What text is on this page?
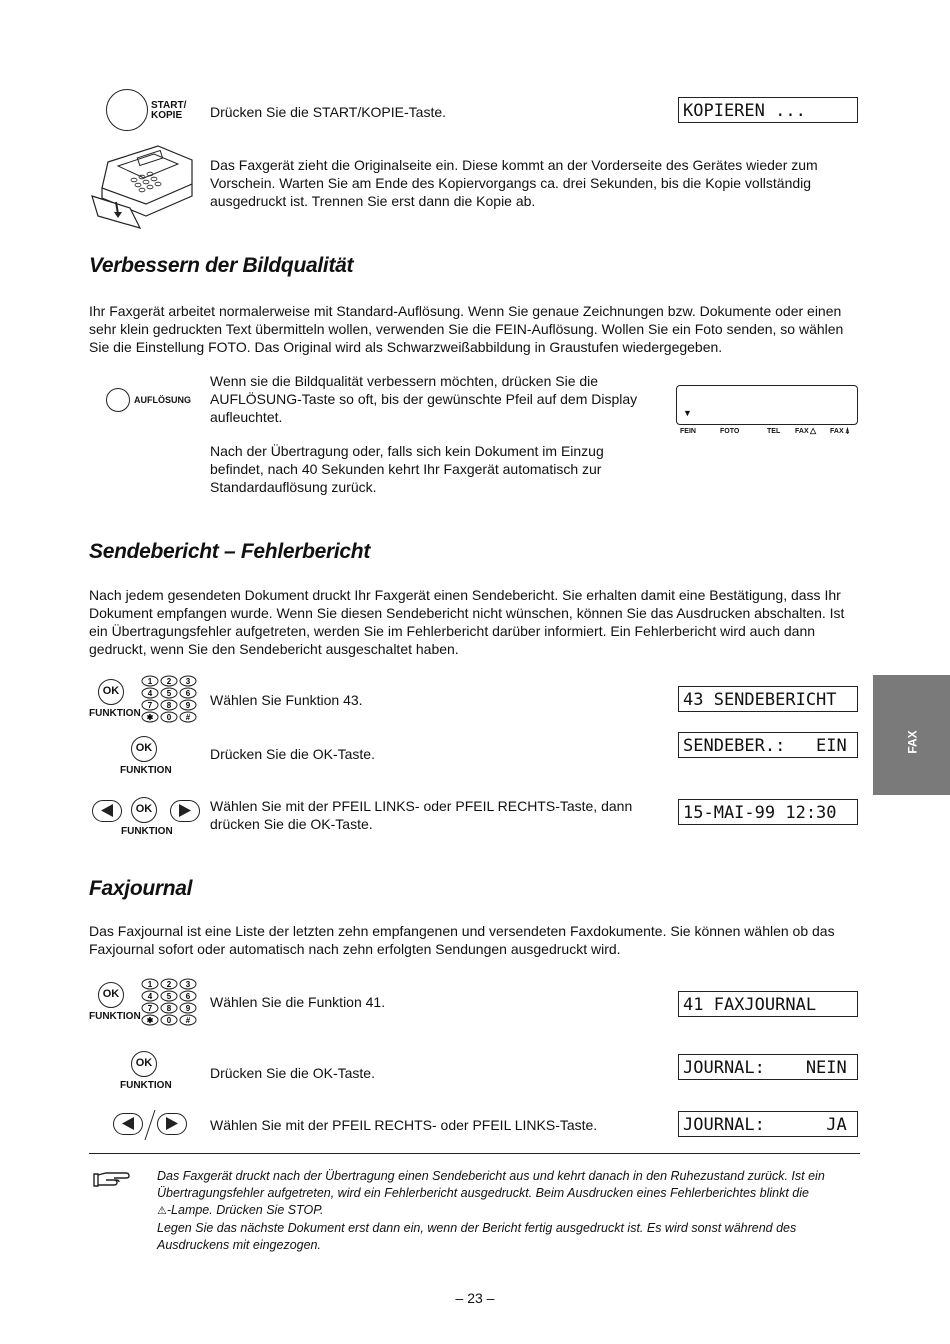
START/
KOPIE	Drücken Sie die START/KOPIE-Taste.	KOPIEREN ...
Das Faxgerät zieht die Originalseite ein. Diese kommt an der Vorderseite des Gerätes wieder zum Vorschein. Warten Sie am Ende des Kopiervorgangs ca. drei Sekunden, bis die Kopie vollständig ausgedruckt ist. Trennen Sie erst dann die Kopie ab.
Verbessern der Bildqualität
Ihr Faxgerät arbeitet normalerweise mit Standard-Auflösung. Wenn Sie genaue Zeichnungen bzw. Dokumente oder einen sehr klein gedruckten Text übermitteln wollen, verwenden Sie die FEIN-Auflösung. Wollen Sie ein Foto senden, so wählen Sie die Einstellung FOTO. Das Original wird als Schwarzweißabbildung in Graustufen wiedergegeben.
AUFLÖSUNG
Wenn sie die Bildqualität verbessern möchten, drücken Sie die AUFLÖSUNG-Taste so oft, bis der gewünschte Pfeil auf dem Display aufleuchtet.
Nach der Übertragung oder, falls sich kein Dokument im Einzug befindet, nach 40 Sekunden kehrt Ihr Faxgerät automatisch zur Standardauflösung zurück.
▼
FEIN	FOTO	TEL FAX △ FAX ⍋
Sendebericht – Fehlerbericht
Nach jedem gesendeten Dokument druckt Ihr Faxgerät einen Sendebericht. Sie erhalten damit eine Bestätigung, dass Ihr Dokument empfangen wurde. Wenn Sie diesen Sendebericht nicht wünschen, können Sie das Ausdrucken abschalten. Ist ein Übertragungsfehler aufgetreten, werden Sie im Fehlerbericht darüber informiert. Ein Fehlerbericht wird auch dann gedruckt, wenn Sie den Sendebericht ausgeschaltet haben.
OK
FUNKTION
1 2 3
4 5 6
7 8 9
✱ 0 #
Wählen Sie Funktion 43.	43 SENDEBERICHT
OK
FUNKTION
Drücken Sie die OK-Taste.	SENDEBER.:   EIN
OK
FUNKTION
Wählen Sie mit der PFEIL LINKS- oder PFEIL RECHTS-Taste, dann drücken Sie die OK-Taste.
15-MAI-99 12:30
Faxjournal
Das Faxjournal ist eine Liste der letzten zehn empfangenen und versendeten Faxdokumente. Sie können wählen ob das Faxjournal sofort oder automatisch nach zehn erfolgten Sendungen ausgedruckt wird.
OK
FUNKTION
1 2 3
4 5 6
7 8 9
✱ 0 #
Wählen Sie die Funktion 41.	41 FAXJOURNAL
OK
FUNKTION
Drücken Sie die OK-Taste.	JOURNAL:    NEIN
Wählen Sie mit der PFEIL RECHTS- oder PFEIL LINKS-Taste.	JOURNAL:      JA
Das Faxgerät druckt nach der Übertragung einen Sendebericht aus und kehrt danach in den Ruhezustand zurück. Ist ein Übertragungsfehler aufgetreten, wird ein Fehlerbericht ausgedruckt. Beim Ausdrucken eines Fehlerberichtes blinkt die
⚠-Lampe. Drücken Sie STOP.
Legen Sie das nächste Dokument erst dann ein, wenn der Bericht fertig ausgedruckt ist. Es wird sonst während des Ausdruckens mit eingezogen.
FAX
– 23 –
